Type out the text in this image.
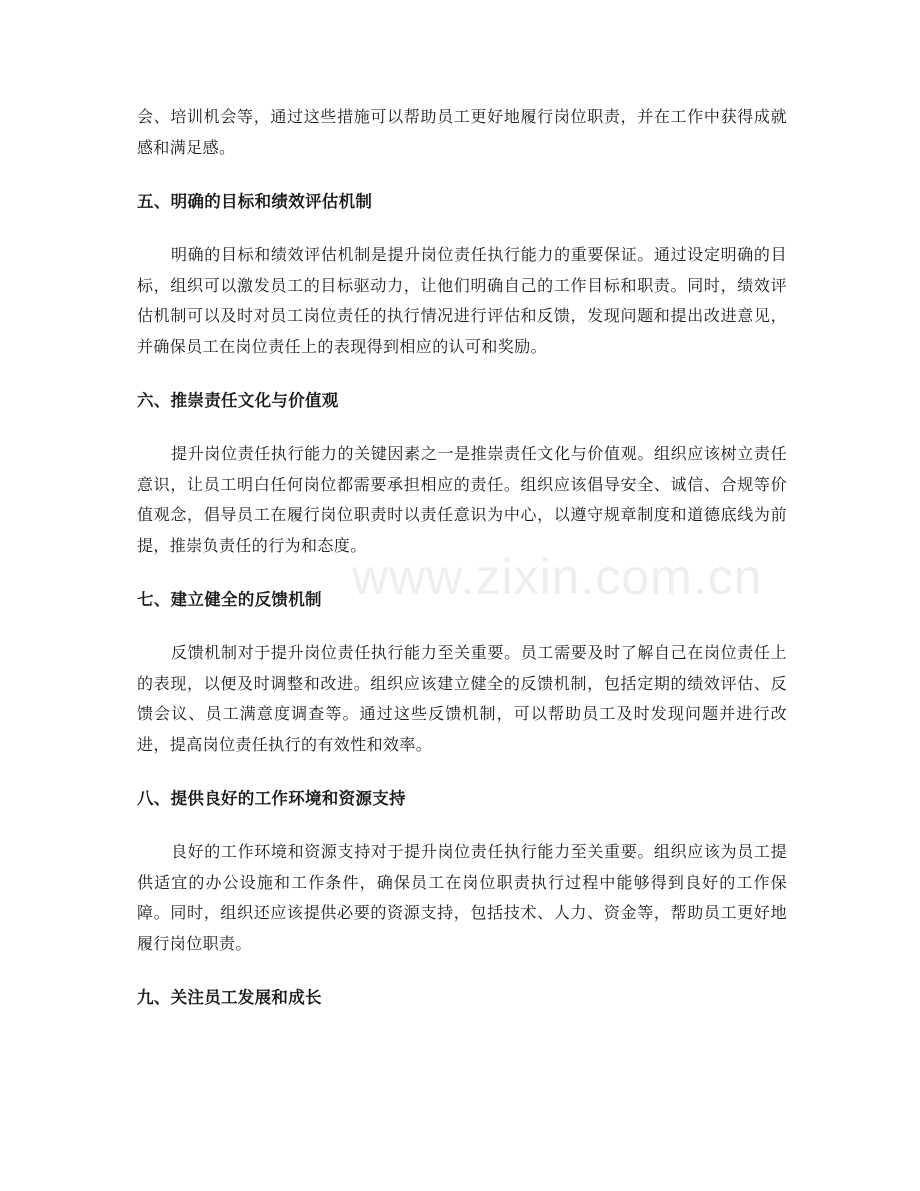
会、培训机会等，通过这些措施可以帮助员工更好地履行岗位职责，并在工作中获得成就感和满足感。

五、明确的目标和绩效评估机制

明确的目标和绩效评估机制是提升岗位责任执行能力的重要保证。通过设定明确的目标，组织可以激发员工的目标驱动力，让他们明确自己的工作目标和职责。同时，绩效评估机制可以及时对员工岗位责任的执行情况进行评估和反馈，发现问题和提出改进意见，并确保员工在岗位责任上的表现得到相应的认可和奖励。

六、推崇责任文化与价值观

提升岗位责任执行能力的关键因素之一是推崇责任文化与价值观。组织应该树立责任意识，让员工明白任何岗位都需要承担相应的责任。组织应该倡导安全、诚信、合规等价值观念，倡导员工在履行岗位职责时以责任意识为中心，以遵守规章制度和道德底线为前提，推崇负责任的行为和态度。

七、建立健全的反馈机制

反馈机制对于提升岗位责任执行能力至关重要。员工需要及时了解自己在岗位责任上的表现，以便及时调整和改进。组织应该建立健全的反馈机制，包括定期的绩效评估、反馈会议、员工满意度调查等。通过这些反馈机制，可以帮助员工及时发现问题并进行改进，提高岗位责任执行的有效性和效率。

八、提供良好的工作环境和资源支持

良好的工作环境和资源支持对于提升岗位责任执行能力至关重要。组织应该为员工提供适宜的办公设施和工作条件，确保员工在岗位职责执行过程中能够得到良好的工作保障。同时，组织还应该提供必要的资源支持，包括技术、人力、资金等，帮助员工更好地履行岗位职责。

九、关注员工发展和成长
www.zixin.com.cn
